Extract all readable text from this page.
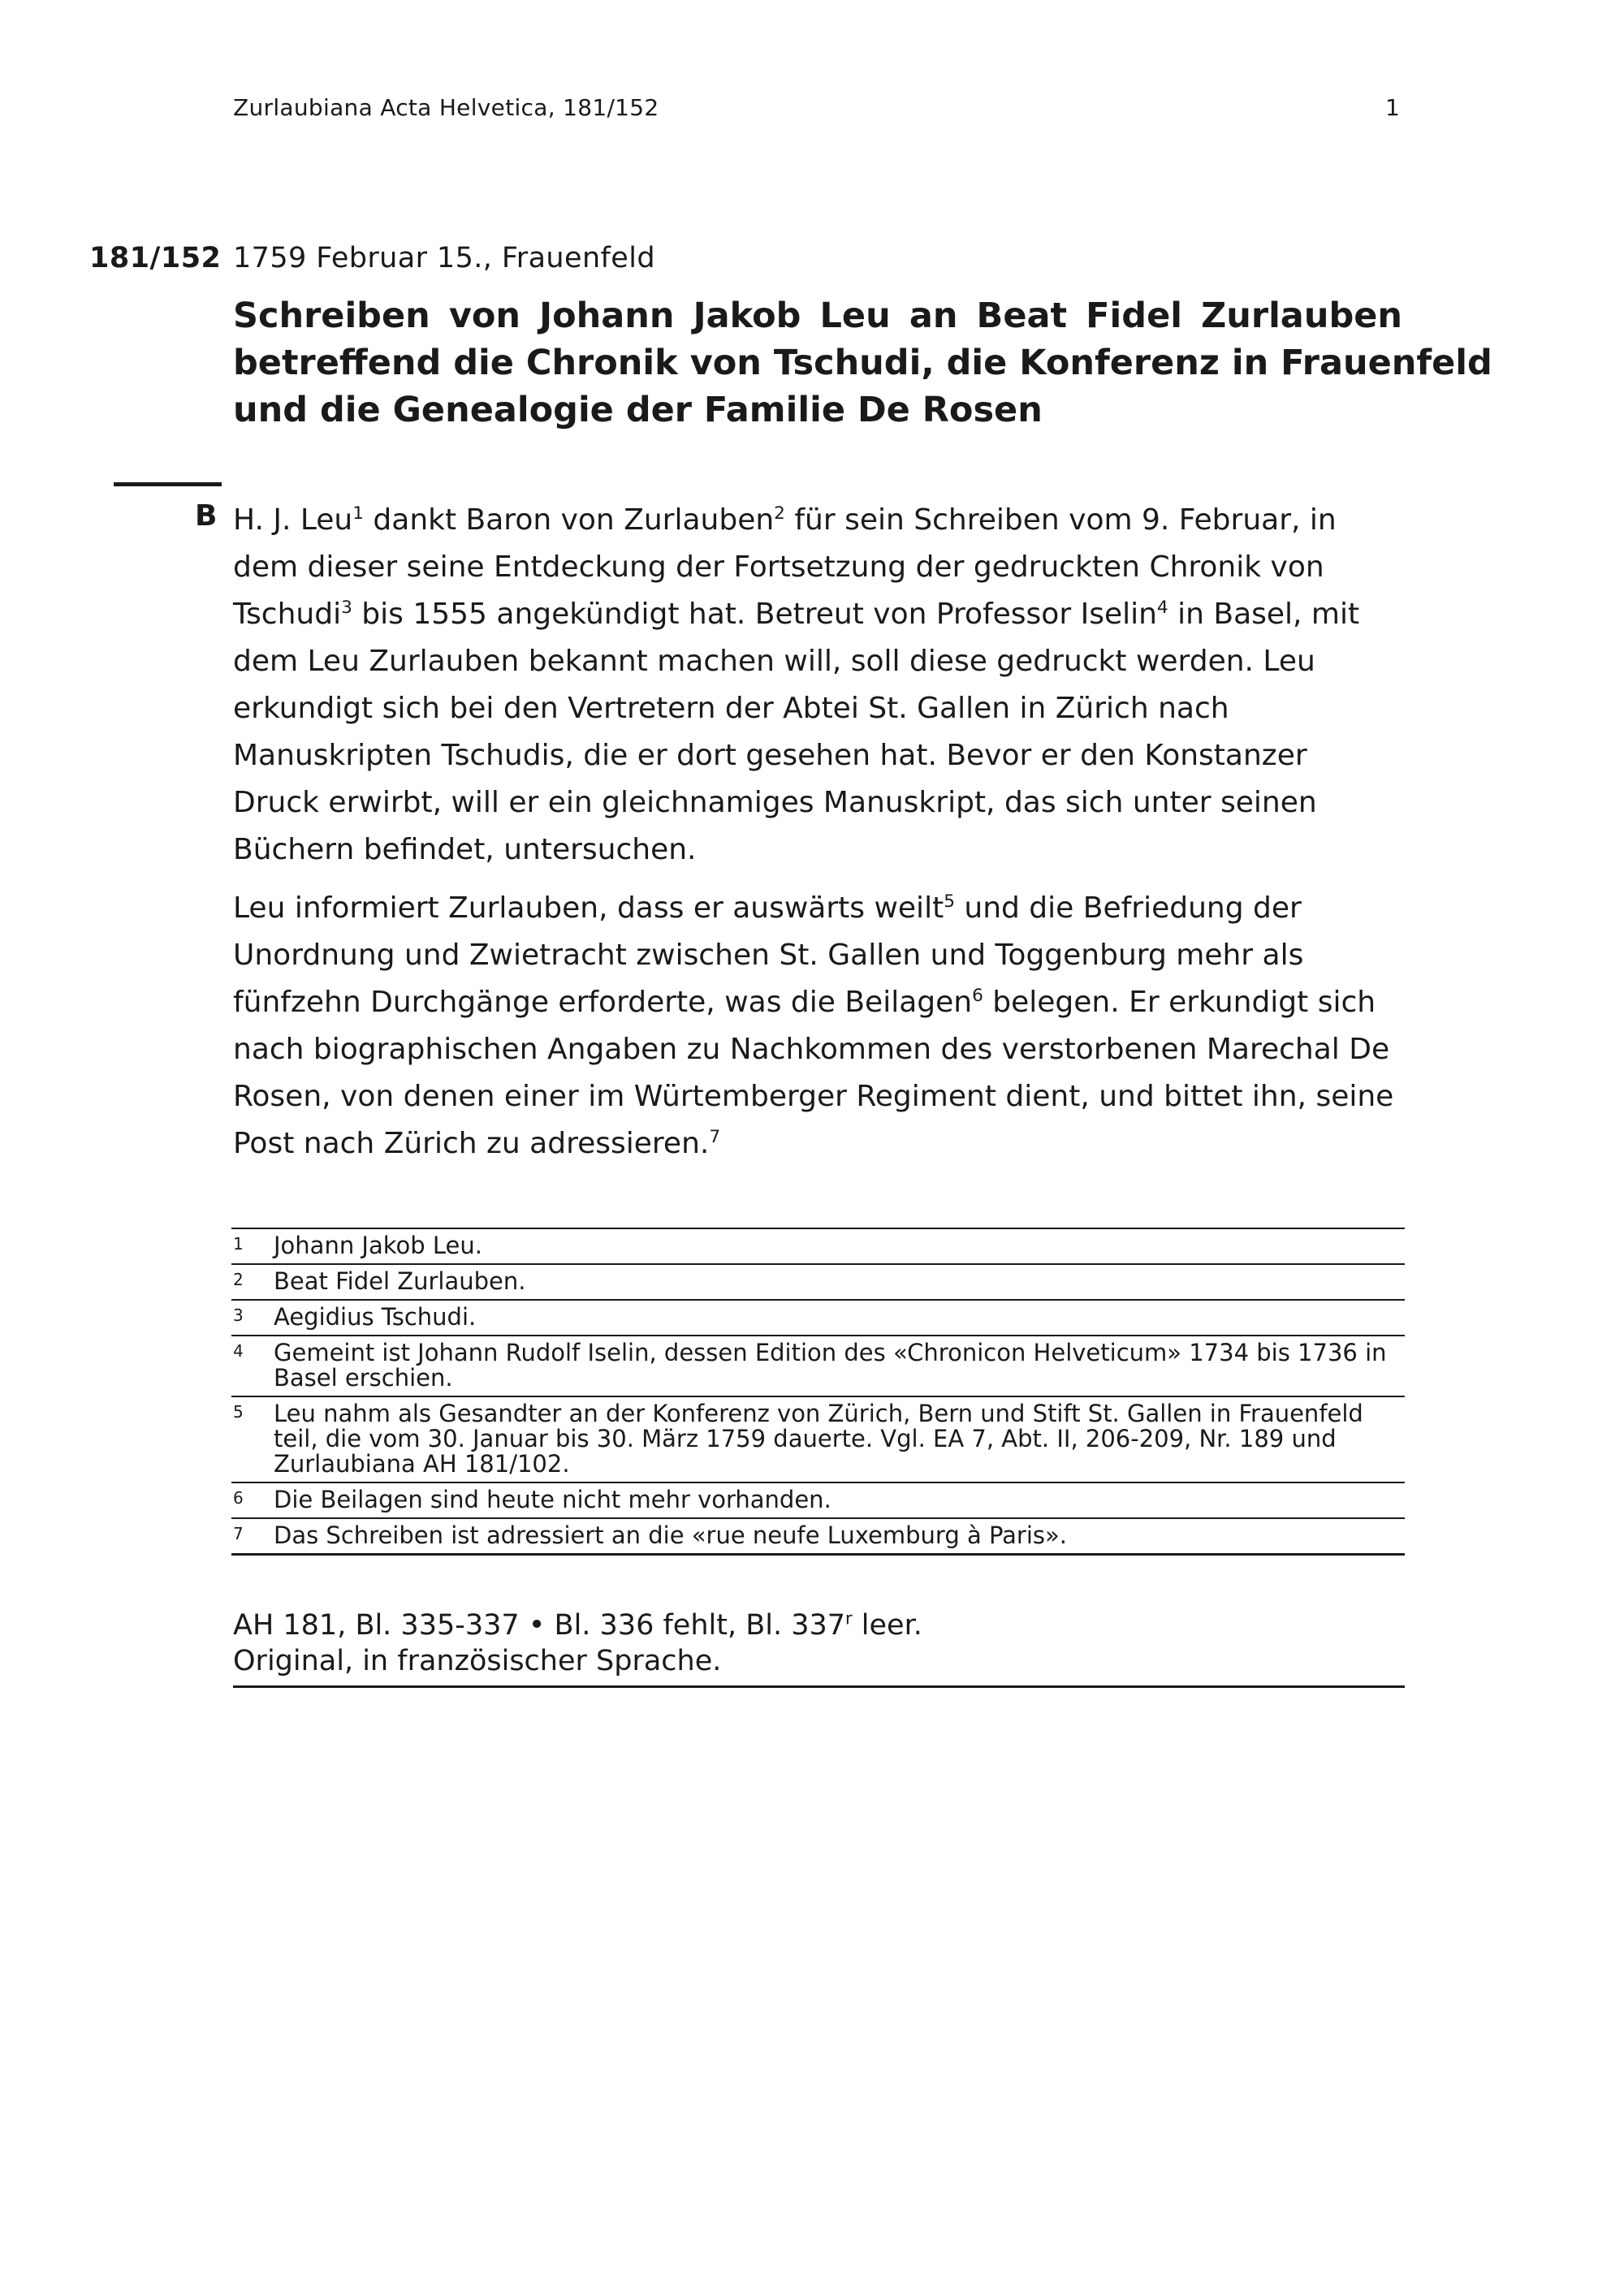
Zurlaubiana Acta Helvetica, 181/152	1
181/152 1759 Februar 15., Frauenfeld
Schreiben von Johann Jakob Leu an Beat Fidel Zurlauben
betreffend die Chronik von Tschudi, die Konferenz in Frauenfeld
und die Genealogie der Familie De Rosen
B H. J. Leu$^1$ dankt Baron von Zurlauben$^2$ für sein Schreiben vom 9. Februar, in dem dieser seine Entdeckung der Fortsetzung der gedruckten Chronik von Tschudi$^3$ bis 1555 angekündigt hat. Betreut von Professor Iselin$^4$ in Basel, mit dem Leu Zurlauben bekannt machen will, soll diese gedruckt werden. Leu erkundigt sich bei den Vertretern der Abtei St. Gallen in Zürich nach Manuskripten Tschudis, die er dort gesehen hat. Bevor er den Konstanzer Druck erwirbt, will er ein gleichnamiges Manuskript, das sich unter seinen Büchern befindet, untersuchen.

Leu informiert Zurlauben, dass er auswärts weilt$^5$ und die Befriedung der Unordnung und Zwietracht zwischen St. Gallen und Toggenburg mehr als fünfzehn Durchgänge erforderte, was die Beilagen$^6$ belegen. Er erkundigt sich nach biographischen Angaben zu Nachkommen des verstorbenen Marechal De Rosen, von denen einer im Würtemberger Regiment dient, und bittet ihn, seine Post nach Zürich zu adressieren.$^7$

1 Johann Jakob Leu.
2 Beat Fidel Zurlauben.
3 Aegidius Tschudi.
4 Gemeint ist Johann Rudolf Iselin, dessen Edition des «Chronicon Helveticum» 1734 bis 1736 in Basel erschien.
5 Leu nahm als Gesandter an der Konferenz von Zürich, Bern und Stift St. Gallen in Frauenfeld teil, die vom 30. Januar bis 30. März 1759 dauerte. Vgl. EA 7, Abt. II, 206-209, Nr. 189 und Zurlaubiana AH 181/102.
6 Die Beilagen sind heute nicht mehr vorhanden.
7 Das Schreiben ist adressiert an die «rue neufe Luxemburg à Paris».
AH 181, Bl. 335-337 • Bl. 336 fehlt, Bl. 337$^r$ leer.
Original, in französischer Sprache.
